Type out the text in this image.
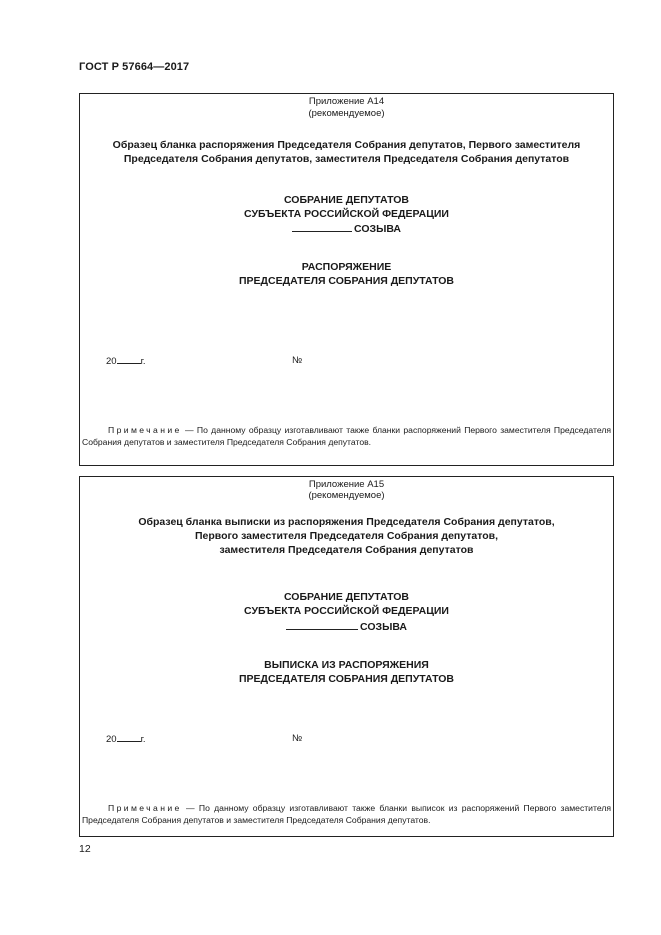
ГОСТ Р 57664—2017
Приложение А14
(рекомендуемое)
Образец бланка распоряжения Председателя Собрания депутатов, Первого заместителя
Председателя Собрания депутатов, заместителя Председателя Собрания депутатов
СОБРАНИЕ ДЕПУТАТОВ
СУБЪЕКТА РОССИЙСКОЙ ФЕДЕРАЦИИ
СОЗЫВА
РАСПОРЯЖЕНИЕ
ПРЕДСЕДАТЕЛЯ СОБРАНИЯ ДЕПУТАТОВ
20	г.	№
Примечание — По данному образцу изготавливают также бланки распоряжений Первого заместителя Председателя Собрания депутатов и заместителя Председателя Собрания депутатов.
Приложение А15
(рекомендуемое)
Образец бланка выписки из распоряжения Председателя Собрания депутатов,
Первого заместителя Председателя Собрания депутатов,
заместителя Председателя Собрания депутатов
СОБРАНИЕ ДЕПУТАТОВ
СУБЪЕКТА РОССИЙСКОЙ ФЕДЕРАЦИИ
СОЗЫВА
ВЫПИСКА ИЗ РАСПОРЯЖЕНИЯ
ПРЕДСЕДАТЕЛЯ СОБРАНИЯ ДЕПУТАТОВ
20	г.	№
Примечание — По данному образцу изготавливают также бланки выписок из распоряжений Первого заместителя Председателя Собрания депутатов и заместителя Председателя Собрания депутатов.
12
